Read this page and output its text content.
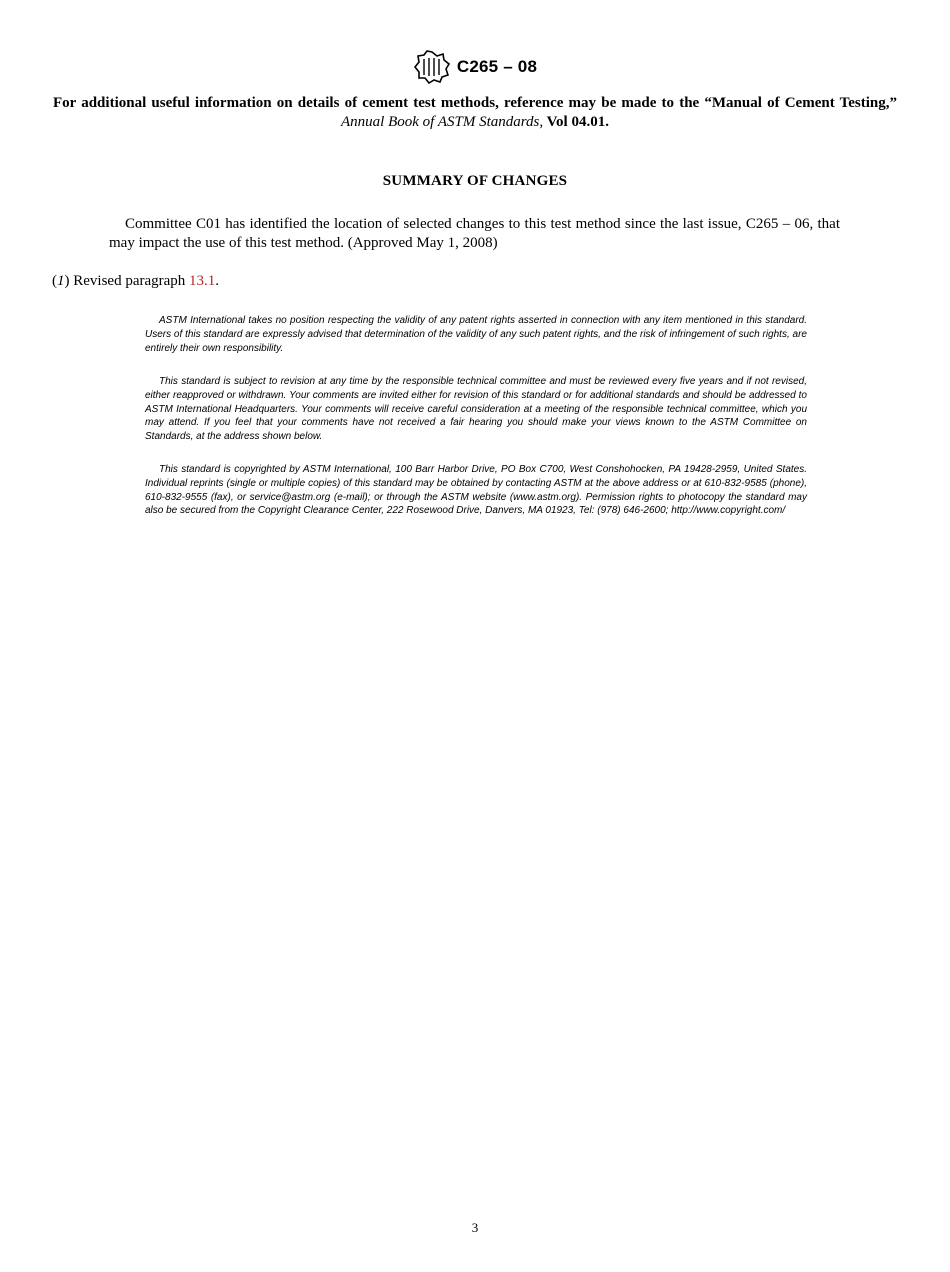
C265 – 08
For additional useful information on details of cement test methods, reference may be made to the “Manual of Cement Testing,” Annual Book of ASTM Standards, Vol 04.01.
SUMMARY OF CHANGES
Committee C01 has identified the location of selected changes to this test method since the last issue, C265 – 06, that may impact the use of this test method. (Approved May 1, 2008)
(1) Revised paragraph 13.1.
ASTM International takes no position respecting the validity of any patent rights asserted in connection with any item mentioned in this standard. Users of this standard are expressly advised that determination of the validity of any such patent rights, and the risk of infringement of such rights, are entirely their own responsibility.
This standard is subject to revision at any time by the responsible technical committee and must be reviewed every five years and if not revised, either reapproved or withdrawn. Your comments are invited either for revision of this standard or for additional standards and should be addressed to ASTM International Headquarters. Your comments will receive careful consideration at a meeting of the responsible technical committee, which you may attend. If you feel that your comments have not received a fair hearing you should make your views known to the ASTM Committee on Standards, at the address shown below.
This standard is copyrighted by ASTM International, 100 Barr Harbor Drive, PO Box C700, West Conshohocken, PA 19428-2959, United States. Individual reprints (single or multiple copies) of this standard may be obtained by contacting ASTM at the above address or at 610-832-9585 (phone), 610-832-9555 (fax), or service@astm.org (e-mail); or through the ASTM website (www.astm.org). Permission rights to photocopy the standard may also be secured from the Copyright Clearance Center, 222 Rosewood Drive, Danvers, MA 01923, Tel: (978) 646-2600; http://www.copyright.com/
3
